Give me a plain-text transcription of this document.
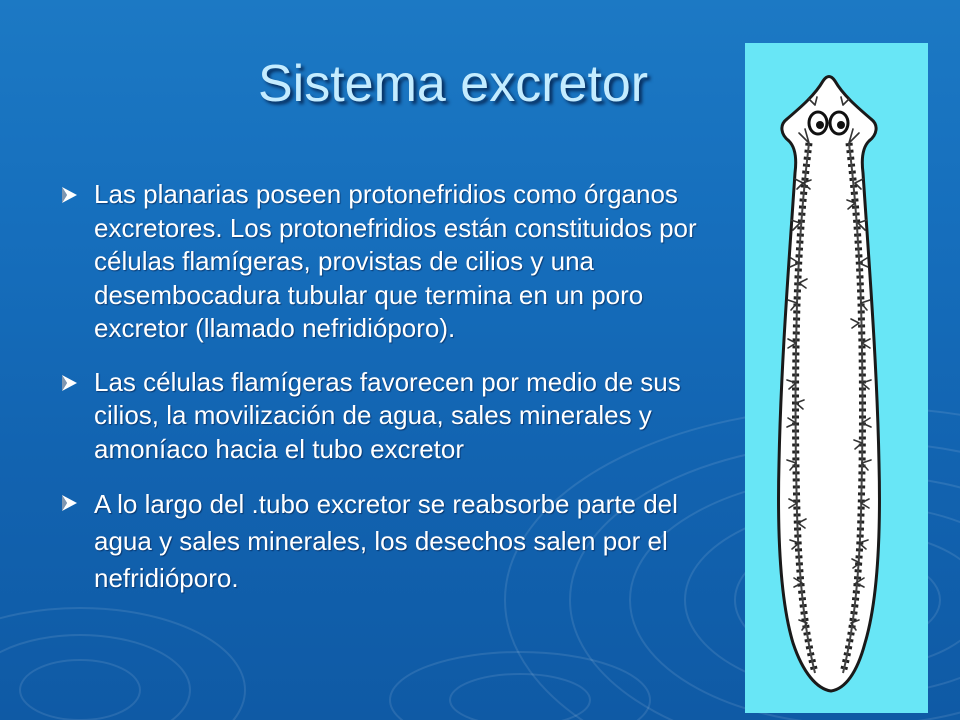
Sistema excretor
Las planarias poseen protonefridios como órganos excretores. Los protonefridios están constituidos por células flamígeras, provistas de cilios y una desembocadura tubular que termina en un poro excretor (llamado nefridióporo).
Las células flamígeras favorecen por medio de sus cilios, la movilización de agua, sales minerales y amoníaco hacia el tubo excretor
A lo largo del .tubo excretor se reabsorbe parte del agua y sales minerales, los desechos salen por el nefridióporo.
